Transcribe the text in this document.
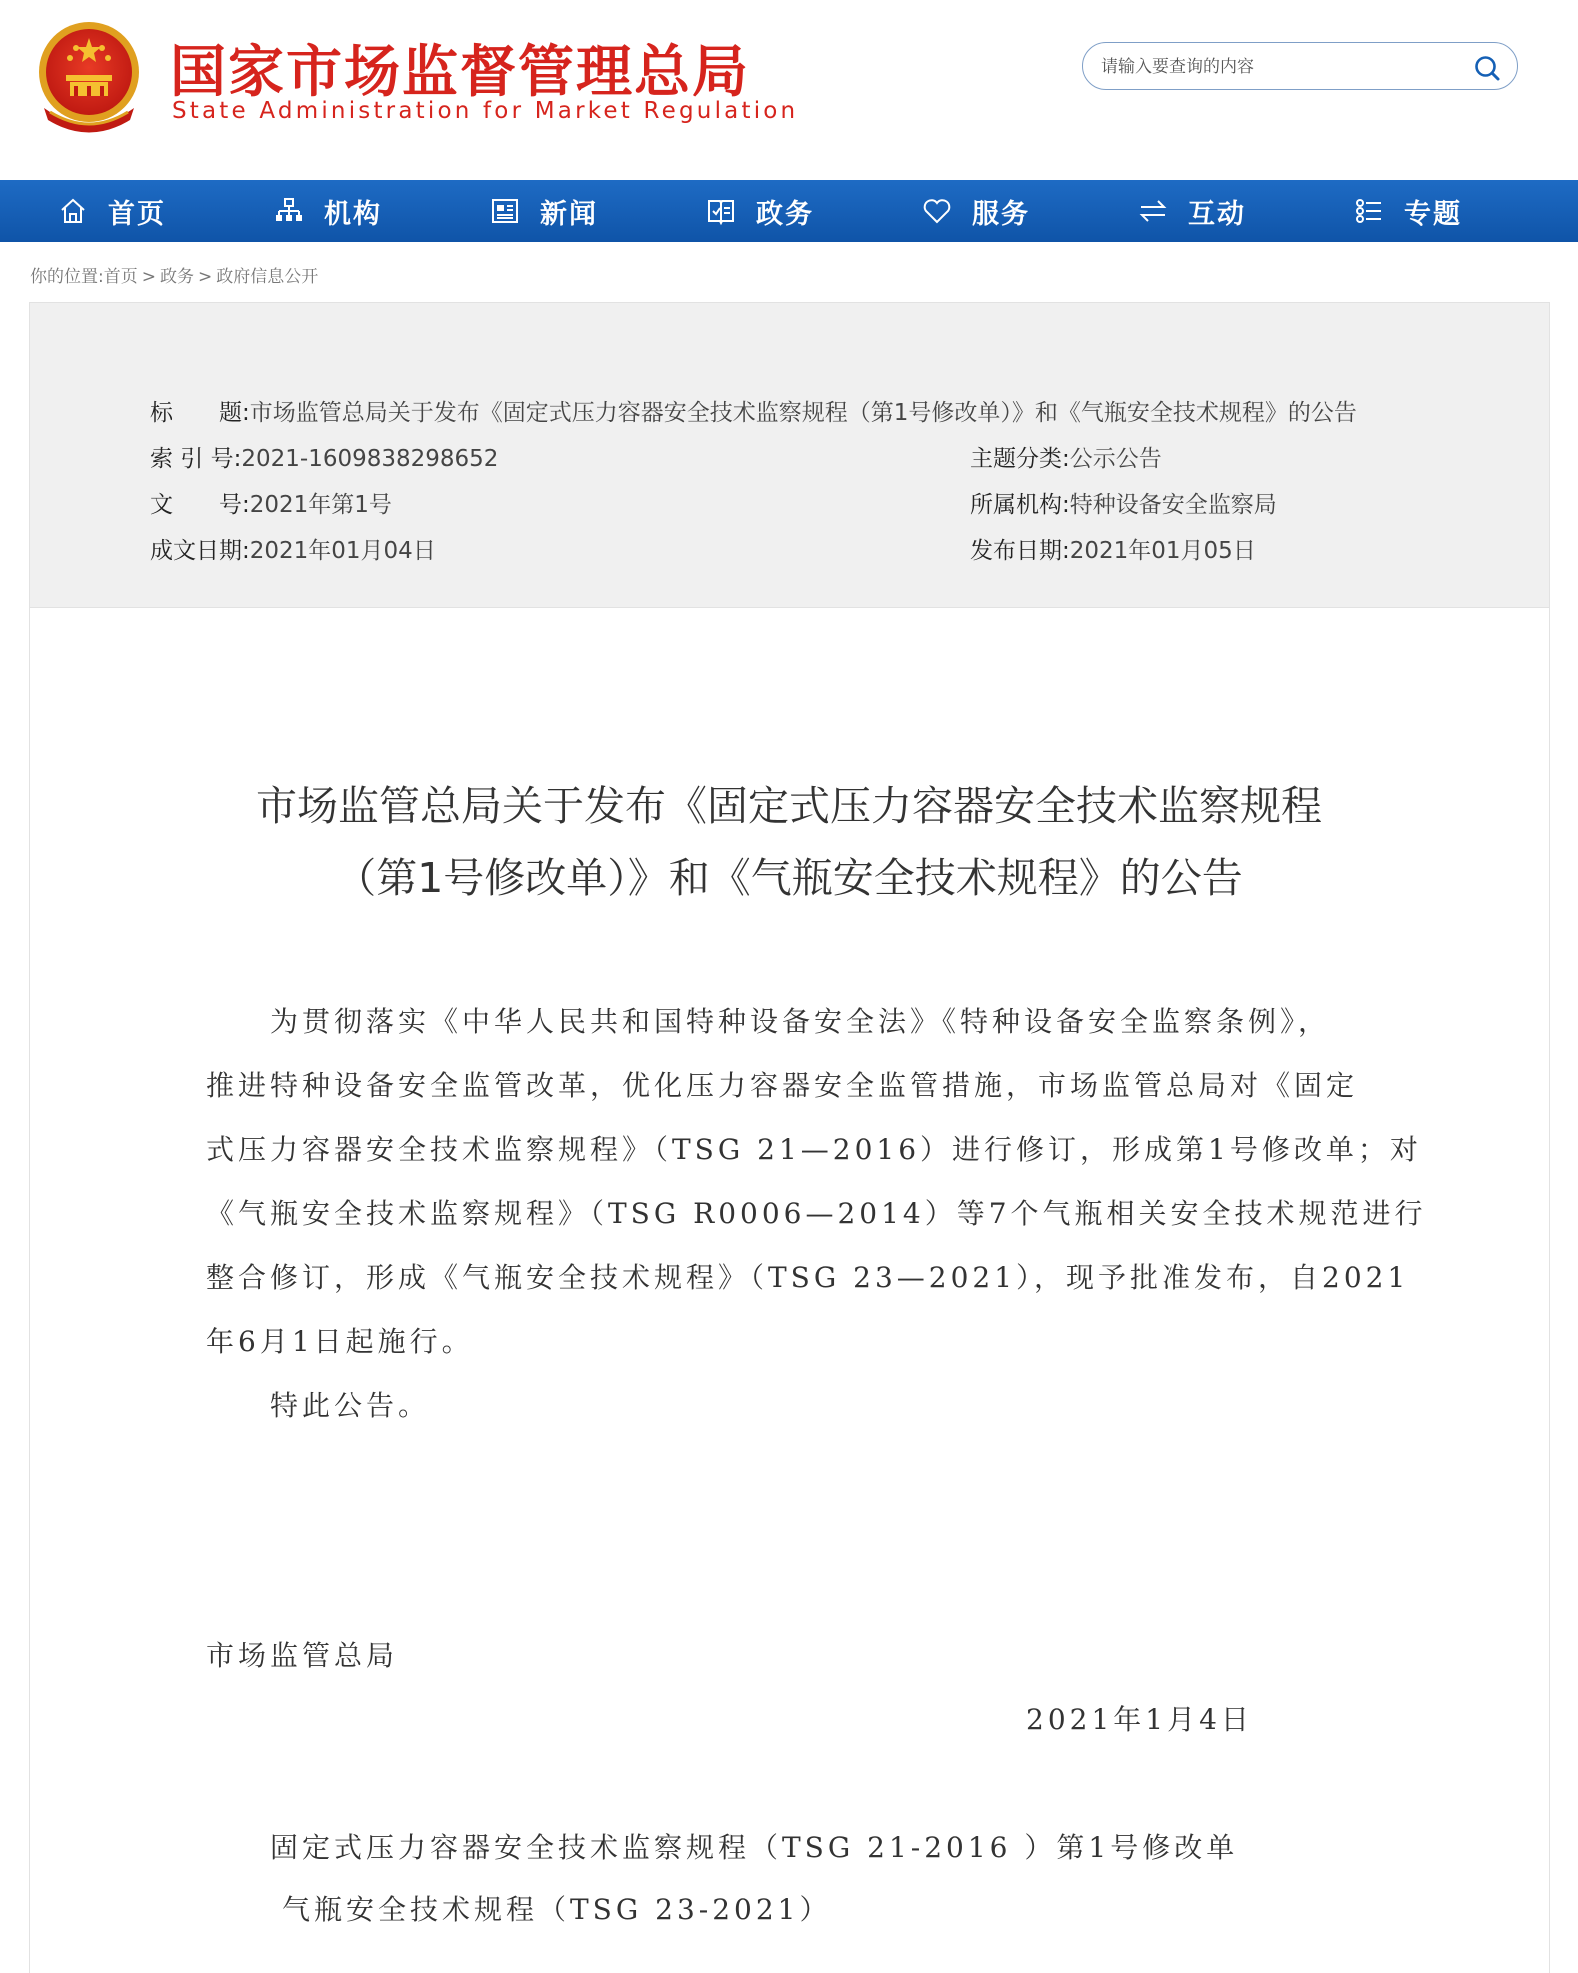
国家市场监督管理总局
State Administration for Market Regulation
请输入要查询的内容
首页	机构	新闻	政务	服务	互动	专题
你的位置:首页 > 政务 > 政府信息公开
标　　题:市场监管总局关于发布《固定式压力容器安全技术监察规程（第1号修改单）》和《气瓶安全技术规程》的公告
索 引 号:2021-1609838298652	主题分类:公示公告
文　　号:2021年第1号	所属机构:特种设备安全监察局
成文日期:2021年01月04日	发布日期:2021年01月05日
市场监管总局关于发布《固定式压力容器安全技术监察规程
（第1号修改单）》和《气瓶安全技术规程》的公告
为贯彻落实《中华人民共和国特种设备安全法》《特种设备安全监察条例》，
推进特种设备安全监管改革，优化压力容器安全监管措施，市场监管总局对《固定
式压力容器安全技术监察规程》（TSG 21—2016）进行修订，形成第1号修改单；对
《气瓶安全技术监察规程》（TSG R0006—2014）等7个气瓶相关安全技术规范进行
整合修订，形成《气瓶安全技术规程》（TSG 23—2021），现予批准发布，自2021
年6月1日起施行。
特此公告。
市场监管总局
2021年1月4日
固定式压力容器安全技术监察规程（TSG 21-2016 ）第1号修改单
气瓶安全技术规程（TSG 23-2021）
